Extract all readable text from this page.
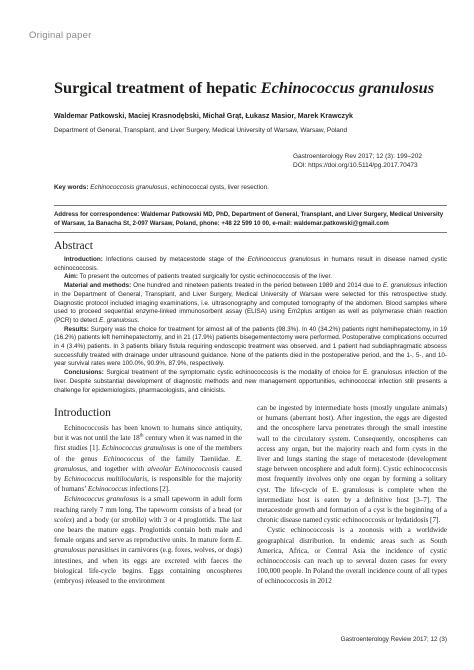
Original paper
Surgical treatment of hepatic Echinococcus granulosus
Waldemar Patkowski, Maciej Krasnodębski, Michał Grąt, Łukasz Masior, Marek Krawczyk
Department of General, Transplant, and Liver Surgery, Medical University of Warsaw, Warsaw, Poland
Gastroenterology Rev 2017; 12 (3): 199–202
DOI: https://doi.org/10.5114/pg.2017.70473
Key words: Echinococcosis granulosus, echinococcal cysts, liver resection.
Address for correspondence: Waldemar Patkowski MD, PhD, Department of General, Transplant, and Liver Surgery, Medical University of Warsaw, 1a Banacha St, 2-097 Warsaw, Poland, phone: +48 22 599 10 00, e-mail: waldemar.patkowski@gmail.com
Abstract

Introduction: Infections caused by metacestode stage of the Echinococcus granulosus in humans result in disease named cystic echinococcosis.

Aim: To present the outcomes of patients treated surgically for cystic echinococcosis of the liver.

Material and methods: One hundred and nineteen patients treated in the period between 1989 and 2014 due to E. granulosus infection in the Department of General, Transplant, and Liver Surgery, Medical University of Warsaw were selected for this retrospective study. Diagnostic protocol included imaging examinations, i.e. ultrasonography and computed tomography of the abdomen. Blood samples where used to proceed sequential enzyme-linked immunosorbent assay (ELISA) using Em2plus antigen as well as polymerase chain reaction (PCR) to detect E. granulosus.

Results: Surgery was the choice for treatment for almost all of the patients (98.3%). In 40 (34.2%) patients right hemihepatectomy, in 19 (16.2%) patients left hemihepatectomy, and in 21 (17.9%) patients bisegementectomy were performed. Postoperative complications occurred in 4 (3.4%) patients. In 3 patients biliary fistula requiring endoscopic treatment was observed, and 1 patient had subdiaphragmatic abscess successfully treated with drainage under ultrasound guidance. None of the patients died in the postoperative period, and the 1-, 5-, and 10-year survival rates were 100.0%, 90.9%, 87.9%, respectively.

Conclusions: Surgical treatment of the symptomatic cystic echinococcosis is the modality of choice for E. granulosus infection of the liver. Despite substantial development of diagnostic methods and new management opportunities, echinococcal infection still presents a challenge for epidemiologists, pharmacologists, and clinicists.

Introduction

Echinococcosis has been known to humans since antiquity, but it was not until the late 18th century when it was named in the first studies [1]. Echinococcus granulosus is one of the members of the genus Echinococcus of the family Taeniidae. E. granulosus, and together with alveolar Echinococcosis caused by Echinococcus multilocularis, is responsible for the majority of humans’ Echinococcus infections [2].

Echinococcus granulosus is a small tapeworm in adult form reaching rarely 7 mm long. The tapeworm consists of a head (or scolex) and a body (or strobila) with 3 or 4 proglottids. The last one bears the mature eggs. Proglottids contain both male and female organs and serve as reproductive units. In mature form E. granulosus parasitises in carnivores (e.g. foxes, wolves, or dogs) intestines, and when its eggs are excreted with faeces the biological life-cycle begins. Eggs containing oncospheres (embryos) released to the environment

can be ingested by intermediate hosts (mostly ungulate animals) or humans (aberrant host). After ingestion, the eggs are digested and the oncosphere larva penetrates through the small intestine wall to the circulatory system. Consequently, oncospheres can access any organ, but the majority reach and form cysts in the liver and lungs starting the stage of metacestode (development stage between oncosphere and adult form). Cystic echinococcosis most frequently involves only one organ by forming a solitary cyst. The life-cycle of E. granulosus is complete when the intermediate host is eaten by a definitive host [3–7]. The metacestode growth and formation of a cyst is the beginning of a chronic disease named cystic echinococcosis or hydatidosis [7].

Cystic echinococcosis is a zoonosis with a worldwide geographical distribution. In endemic areas such as South America, Africa, or Central Asia the incidence of cystic echinococcosis can reach up to several dozen cases for every 100,000 people. In Poland the overall incidence count of all types of echinococcosis in 2012

Gastroenterology Review 2017; 12 (3)
